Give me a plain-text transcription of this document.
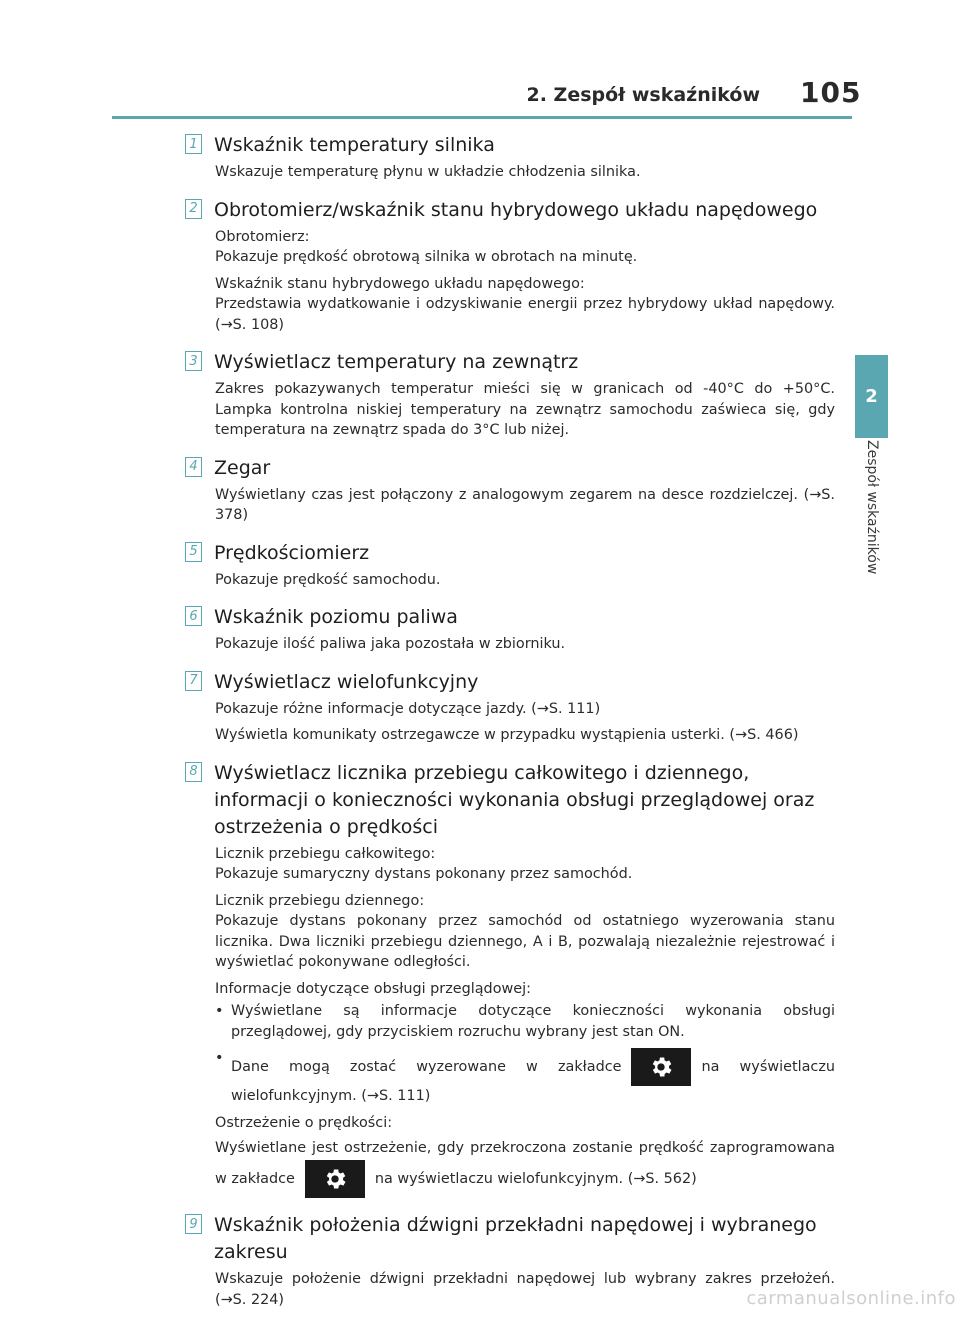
2. Zespół wskaźników 105
2
Zespół wskaźników
1 Wskaźnik temperatury silnika
Wskazuje temperaturę płynu w układzie chłodzenia silnika.
2 Obrotomierz/wskaźnik stanu hybrydowego układu napędowego
Obrotomierz:
Pokazuje prędkość obrotową silnika w obrotach na minutę.
Wskaźnik stanu hybrydowego układu napędowego:
Przedstawia wydatkowanie i odzyskiwanie energii przez hybrydowy układ napędowy. (→S. 108)
3 Wyświetlacz temperatury na zewnątrz
Zakres pokazywanych temperatur mieści się w granicach od -40°C do +50°C. Lampka kontrolna niskiej temperatury na zewnątrz samochodu zaświeca się, gdy temperatura na zewnątrz spada do 3°C lub niżej.
4 Zegar
Wyświetlany czas jest połączony z analogowym zegarem na desce rozdzielczej. (→S. 378)
5 Prędkościomierz
Pokazuje prędkość samochodu.
6 Wskaźnik poziomu paliwa
Pokazuje ilość paliwa jaka pozostała w zbiorniku.
7 Wyświetlacz wielofunkcyjny
Pokazuje różne informacje dotyczące jazdy. (→S. 111)
Wyświetla komunikaty ostrzegawcze w przypadku wystąpienia usterki. (→S. 466)
8 Wyświetlacz licznika przebiegu całkowitego i dziennego, informacji o konieczności wykonania obsługi przeglądowej oraz ostrzeżenia o prędkości
Licznik przebiegu całkowitego:
Pokazuje sumaryczny dystans pokonany przez samochód.
Licznik przebiegu dziennego:
Pokazuje dystans pokonany przez samochód od ostatniego wyzerowania stanu licznika. Dwa liczniki przebiegu dziennego, A i B, pozwalają niezależnie rejestrować i wyświetlać pokonywane odległości.
Informacje dotyczące obsługi przeglądowej:
• Wyświetlane są informacje dotyczące konieczności wykonania obsługi przeglądowej, gdy przyciskiem rozruchu wybrany jest stan ON.
•
Dane mogą zostać wyzerowane w zakładce	na wyświetlaczu wielofunkcyjnym. (→S. 111)
Ostrzeżenie o prędkości:
Wyświetlane jest ostrzeżenie, gdy przekroczona zostanie prędkość zaprogramowana w zakładce	na wyświetlaczu wielofunkcyjnym. (→S. 562)
9 Wskaźnik położenia dźwigni przekładni napędowej i wybranego zakresu
Wskazuje położenie dźwigni przekładni napędowej lub wybrany zakres przełożeń. (→S. 224)	carmanualsonline.info
